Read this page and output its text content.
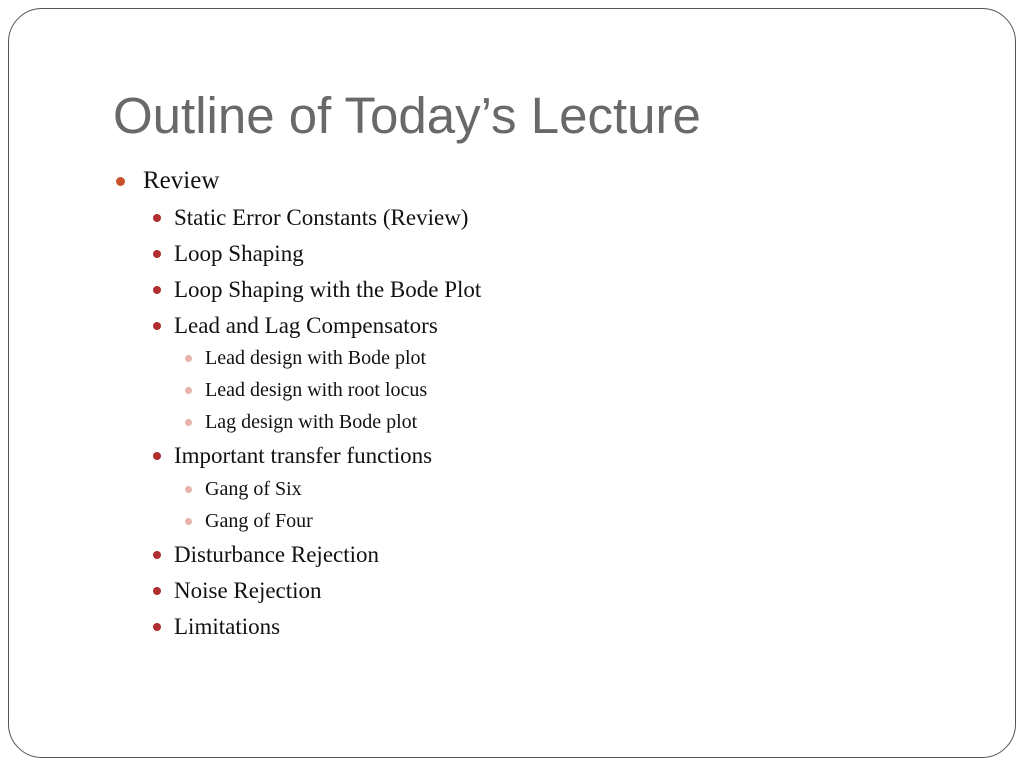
Outline of Today’s Lecture
Review
Static Error Constants (Review)
Loop Shaping
Loop Shaping with the Bode Plot
Lead and Lag Compensators
Lead design with Bode plot
Lead design with root locus
Lag design with Bode plot
Important transfer functions
Gang of Six
Gang of Four
Disturbance Rejection
Noise Rejection
Limitations
